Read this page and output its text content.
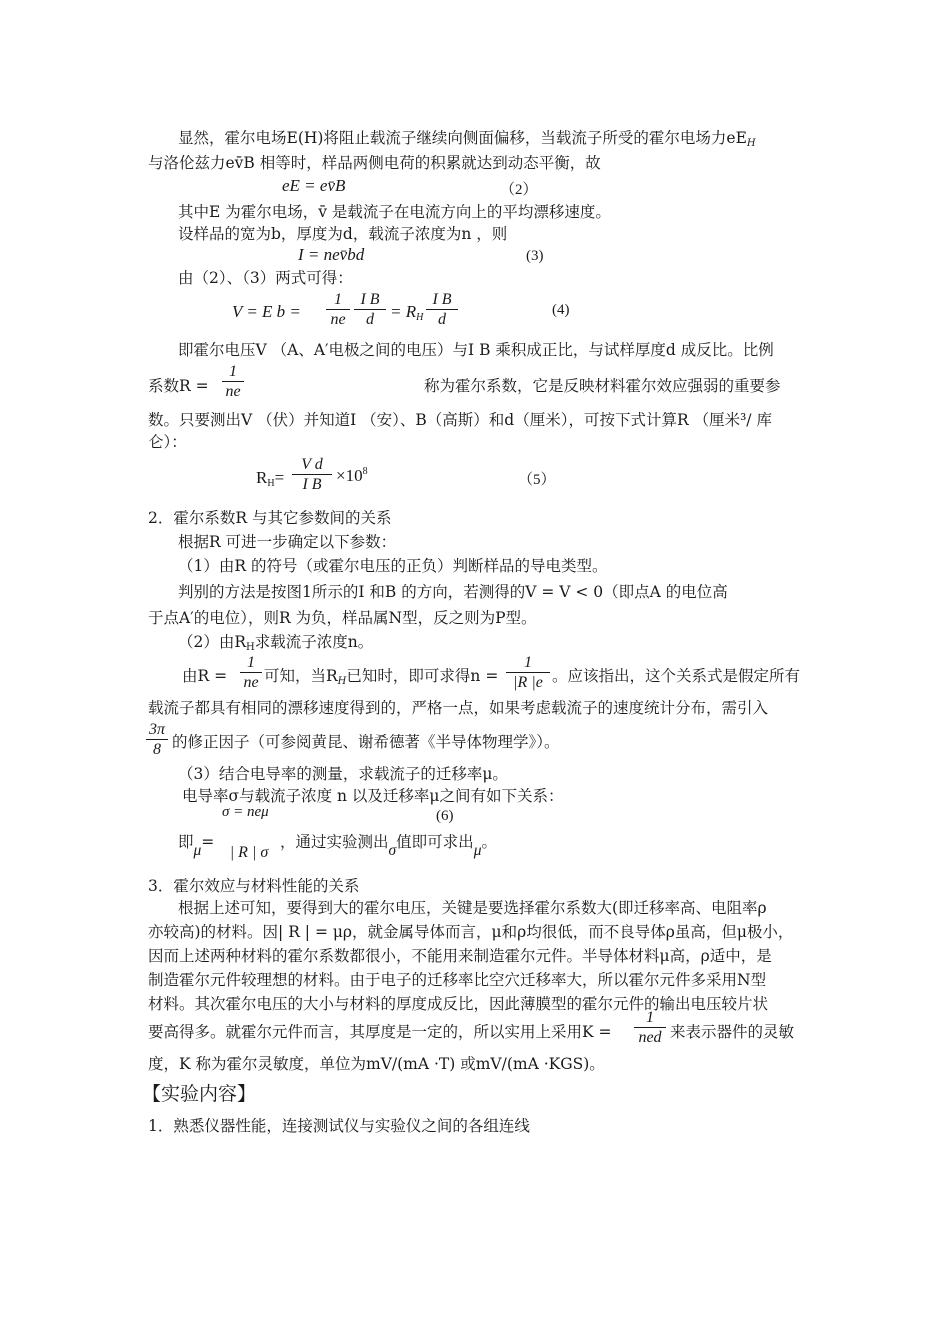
显然，霍尔电场E(H)将阻止载流子继续向侧面偏移，当载流子所受的霍尔电场力$eE_H$
与洛伦兹力ev̄B 相等时，样品两侧电荷的积累就达到动态平衡，故
eE = ev̄B	（2）
其中E 为霍尔电场，v̄ 是载流子在电流方向上的平均漂移速度。
设样品的宽为b，厚度为d，载流子浓度为n ，则
I = nev̄bd	(3)
由（2）、（3）两式可得：
V = E $b = \frac{1}{ne} \frac{\text{I B}}{d} = R_H \frac{\text{I B}}{d}$	(4)
即霍尔电压V （A、A′电极之间的电压）与I B 乘积成正比，与试样厚度d 成反比。比例
系数$R = \frac{1}{ne}$	称为霍尔系数，它是反映材料霍尔效应强弱的重要参
数。只要测出V （伏）并知道I （安）、B（高斯）和d（厘米），可按下式计算R （厘米³/ 库
仑）：
$R_H= \frac{\text{V d}}{\text{I B}} \times 10^8$
（5）
2．霍尔系数R 与其它参数间的关系
根据R 可进一步确定以下参数：
（1）由R 的符号（或霍尔电压的正负）判断样品的导电类型。
判别的方法是按图1所示的I 和B 的方向，若测得的V = V < 0（即点A 的电位高
于点A′的电位），则R 为负，样品属N型，反之则为P型。
（2）由$R_H$求载流子浓度n。
由$R = \frac{1}{ne}$ 可知，当$R_H$已知时，即可求得$n = \frac{1}{|R |e}$ 。应该指出，这个关系式是假定所有
载流子都具有相同的漂移速度得到的，严格一点，如果考虑载流子的速度统计分布，需引入
$\frac{3\pi}{8}$ 的修正因子（可参阅黄昆、谢希德著《半导体物理学》）。
（3）结合电导率的测量，求载流子的迁移率μ。
电导率σ与载流子浓度 n 以及迁移率μ之间有如下关系：
σ = neμ	(6)
即μ=
| R | σ
，通过实验测出σ值即可求出μ。
3．霍尔效应与材料性能的关系
根据上述可知，要得到大的霍尔电压，关键是要选择霍尔系数大(即迁移率高、电阻率ρ
亦较高)的材料。因| R | = μρ，就金属导体而言，μ和ρ均很低，而不良导体ρ虽高，但μ极小，
因而上述两种材料的霍尔系数都很小，不能用来制造霍尔元件。半导体材料μ高，ρ适中，是
制造霍尔元件较理想的材料。由于电子的迁移率比空穴迁移率大，所以霍尔元件多采用N型
材料。其次霍尔电压的大小与材料的厚度成反比，因此薄膜型的霍尔元件的输出电压较片状
要高得多。就霍尔元件而言，其厚度是一定的，所以实用上采用K =
1
ned 来表示器件的灵敏
度，K 称为霍尔灵敏度，单位为mV/(mA ·T) 或mV/(mA ·KGS)。
【实验内容】
1．熟悉仪器性能，连接测试仪与实验仪之间的各组连线
